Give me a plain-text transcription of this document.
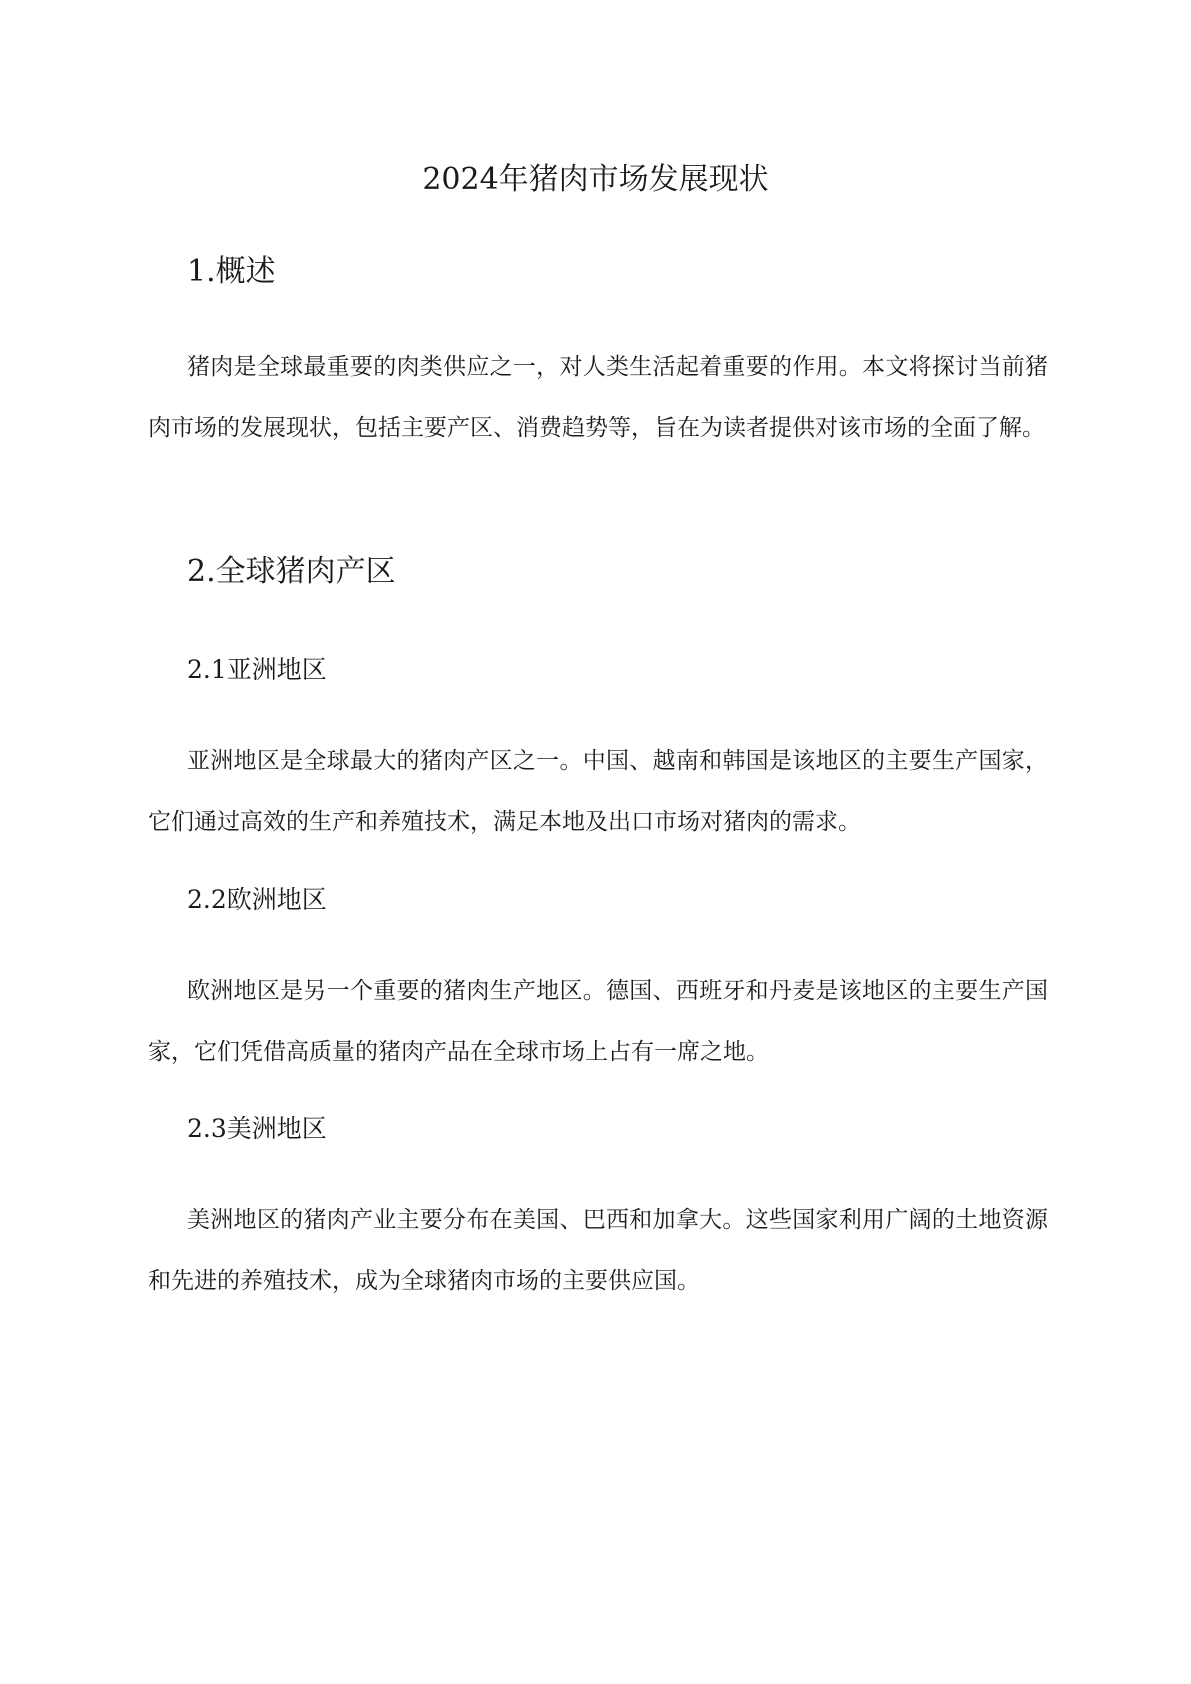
2024年猪肉市场发展现状
1.概述

猪肉是全球最重要的肉类供应之一，对人类生活起着重要的作用。本文将探讨当前猪肉市场的发展现状，包括主要产区、消费趋势等，旨在为读者提供对该市场的全面了解。

2.全球猪肉产区
2.1亚洲地区

亚洲地区是全球最大的猪肉产区之一。中国、越南和韩国是该地区的主要生产国家，它们通过高效的生产和养殖技术，满足本地及出口市场对猪肉的需求。

2.2欧洲地区

欧洲地区是另一个重要的猪肉生产地区。德国、西班牙和丹麦是该地区的主要生产国家，它们凭借高质量的猪肉产品在全球市场上占有一席之地。

2.3美洲地区

美洲地区的猪肉产业主要分布在美国、巴西和加拿大。这些国家利用广阔的土地资源和先进的养殖技术，成为全球猪肉市场的主要供应国。
